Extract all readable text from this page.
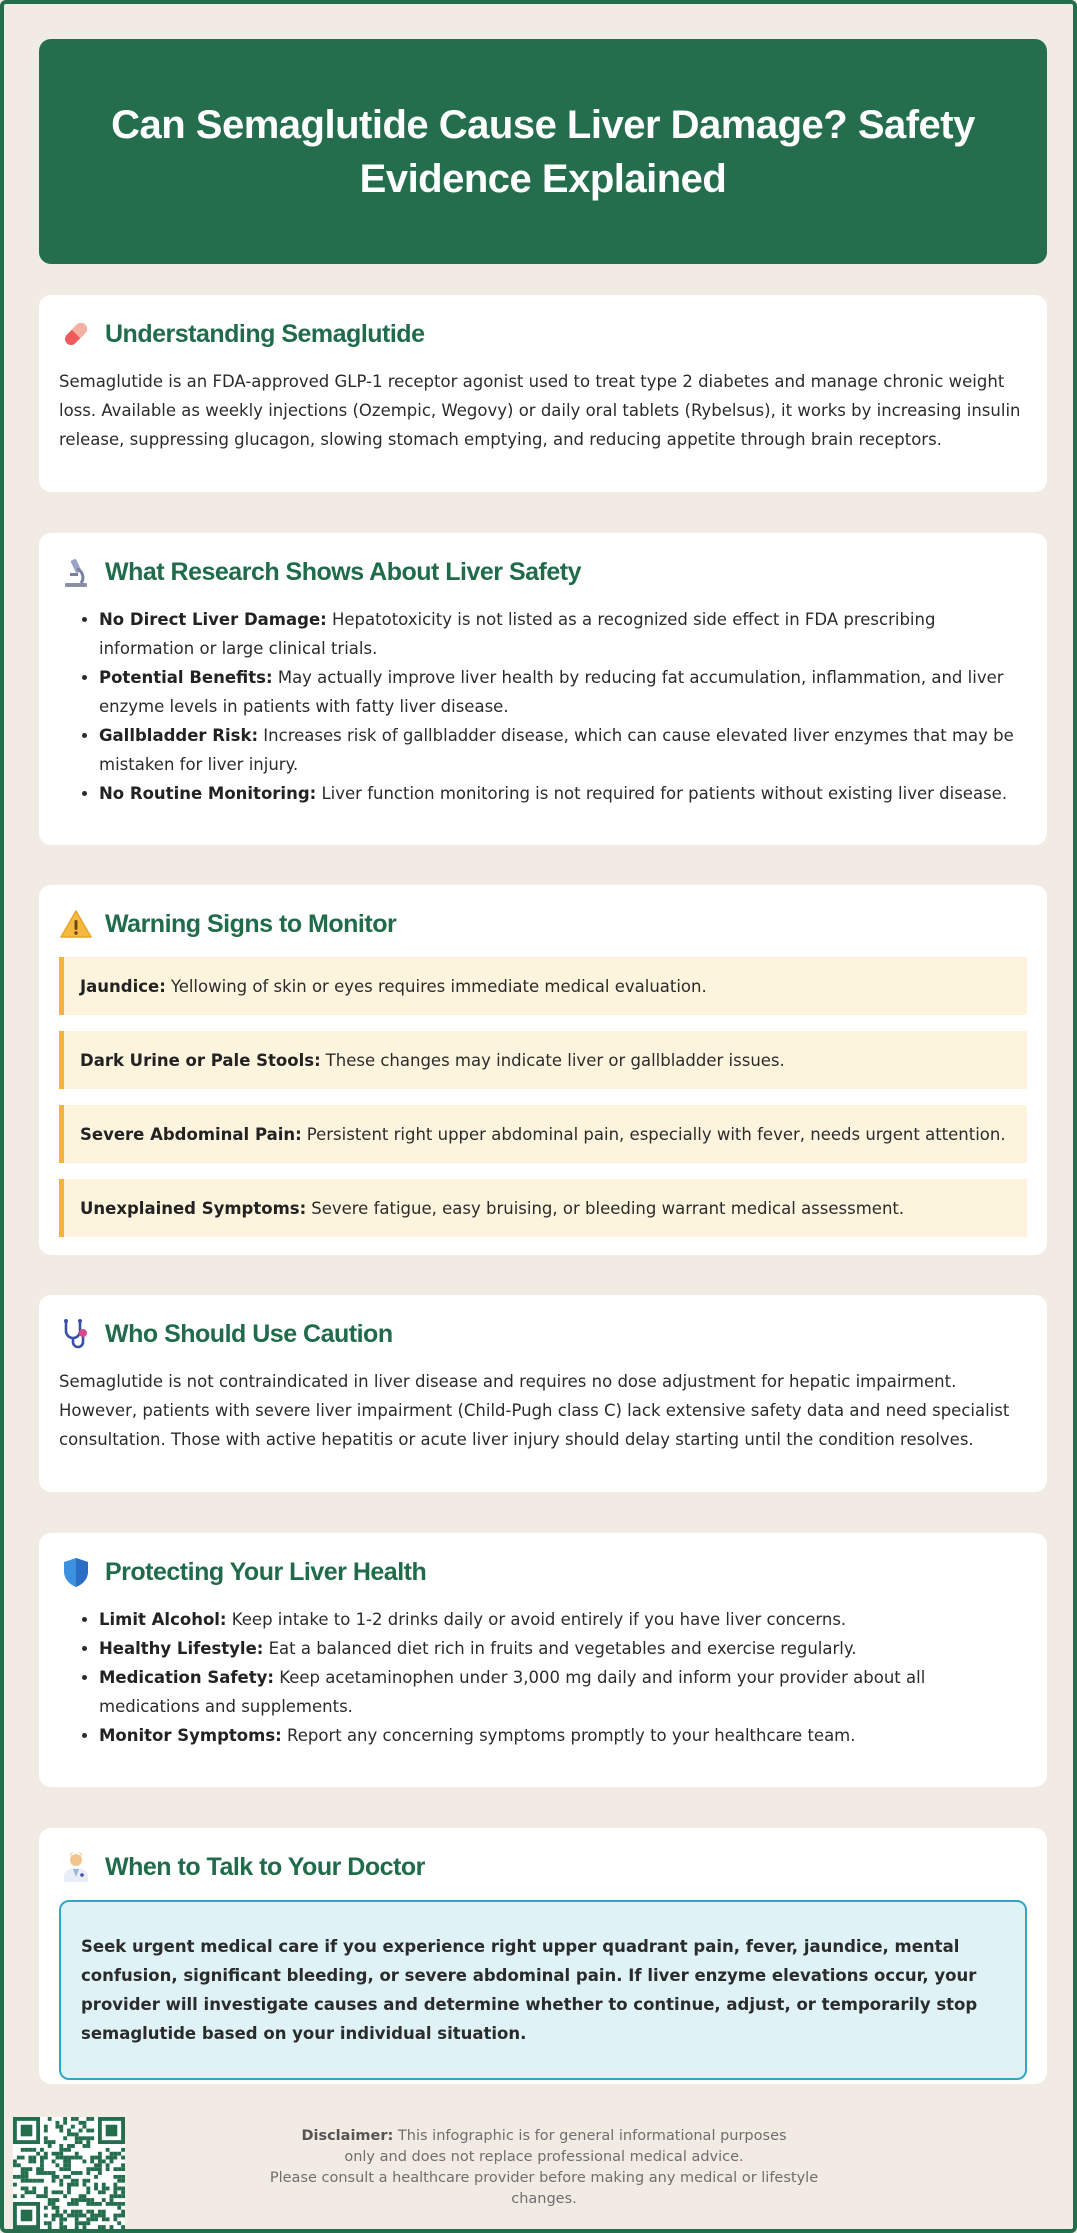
Can Semaglutide Cause Liver Damage? Safety Evidence Explained
Understanding Semaglutide

Semaglutide is an FDA-approved GLP-1 receptor agonist used to treat type 2 diabetes and manage chronic weight loss. Available as weekly injections (Ozempic, Wegovy) or daily oral tablets (Rybelsus), it works by increasing insulin release, suppressing glucagon, slowing stomach emptying, and reducing appetite through brain receptors.

What Research Shows About Liver Safety
• No Direct Liver Damage: Hepatotoxicity is not listed as a recognized side effect in FDA prescribing information or large clinical trials.
• Potential Benefits: May actually improve liver health by reducing fat accumulation, inflammation, and liver enzyme levels in patients with fatty liver disease.
• Gallbladder Risk: Increases risk of gallbladder disease, which can cause elevated liver enzymes that may be mistaken for liver injury.
• No Routine Monitoring: Liver function monitoring is not required for patients without existing liver disease.
Warning Signs to Monitor
Jaundice: Yellowing of skin or eyes requires immediate medical evaluation.
Dark Urine or Pale Stools: These changes may indicate liver or gallbladder issues.
Severe Abdominal Pain: Persistent right upper abdominal pain, especially with fever, needs urgent attention.
Unexplained Symptoms: Severe fatigue, easy bruising, or bleeding warrant medical assessment.
Who Should Use Caution

Semaglutide is not contraindicated in liver disease and requires no dose adjustment for hepatic impairment. However, patients with severe liver impairment (Child-Pugh class C) lack extensive safety data and need specialist consultation. Those with active hepatitis or acute liver injury should delay starting until the condition resolves.

Protecting Your Liver Health
• Limit Alcohol: Keep intake to 1-2 drinks daily or avoid entirely if you have liver concerns.
• Healthy Lifestyle: Eat a balanced diet rich in fruits and vegetables and exercise regularly.
• Medication Safety: Keep acetaminophen under 3,000 mg daily and inform your provider about all medications and supplements.
• Monitor Symptoms: Report any concerning symptoms promptly to your healthcare team.
When to Talk to Your Doctor
Seek urgent medical care if you experience right upper quadrant pain, fever, jaundice, mental confusion, significant bleeding, or severe abdominal pain. If liver enzyme elevations occur, your provider will investigate causes and determine whether to continue, adjust, or temporarily stop semaglutide based on your individual situation.
Disclaimer: This infographic is for general informational purposes
only and does not replace professional medical advice.
Please consult a healthcare provider before making any medical or lifestyle changes.
